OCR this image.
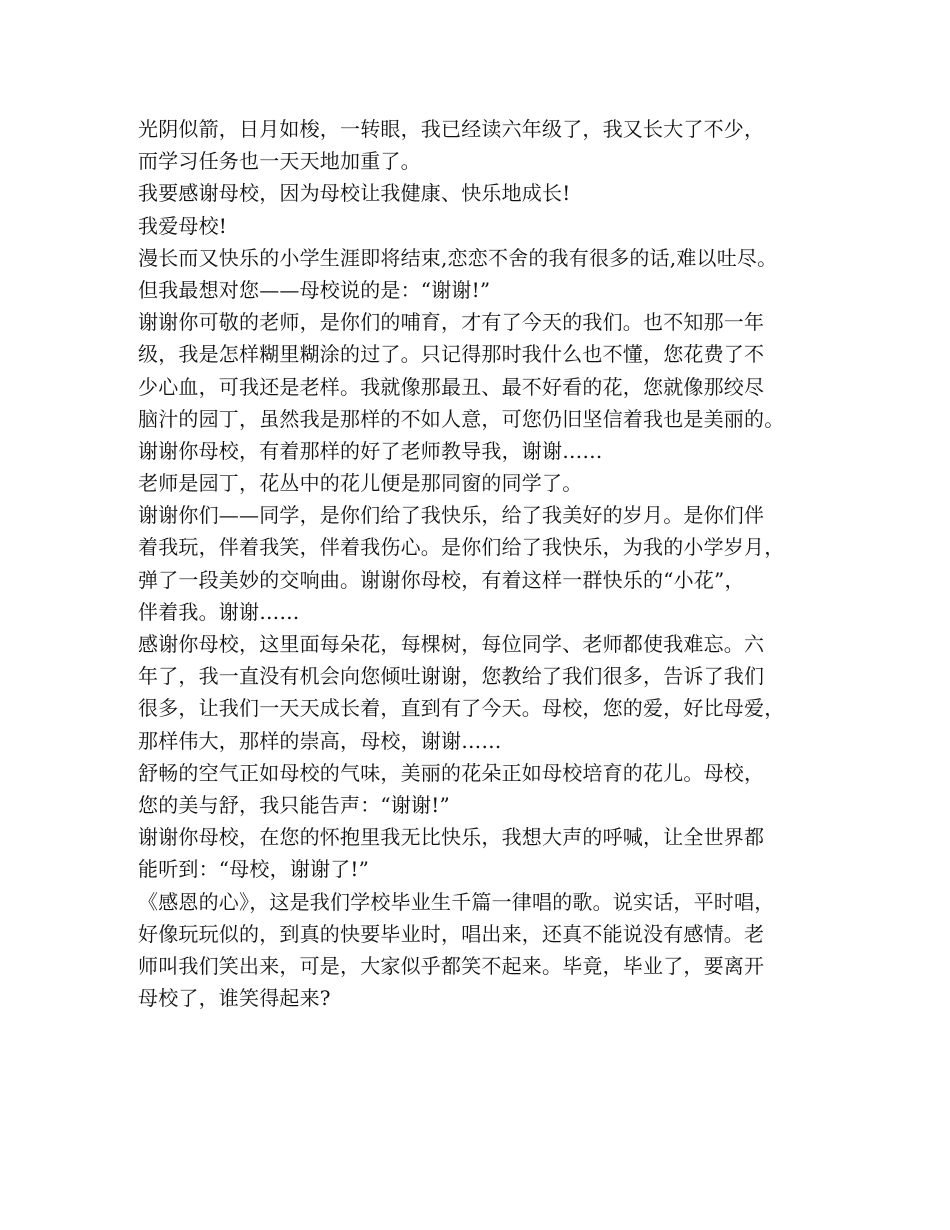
光阴似箭，日月如梭，一转眼，我已经读六年级了，我又长大了不少，
而学习任务也一天天地加重了。
我要感谢母校，因为母校让我健康、快乐地成长!
我爱母校!
漫长而又快乐的小学生涯即将结束,恋恋不舍的我有很多的话,难以吐尽。
但我最想对您——母校说的是：“谢谢!”
谢谢你可敬的老师，是你们的哺育，才有了今天的我们。也不知那一年
级，我是怎样糊里糊涂的过了。只记得那时我什么也不懂，您花费了不
少心血，可我还是老样。我就像那最丑、最不好看的花，您就像那绞尽
脑汁的园丁，虽然我是那样的不如人意，可您仍旧坚信着我也是美丽的。
谢谢你母校，有着那样的好了老师教导我，谢谢……
老师是园丁，花丛中的花儿便是那同窗的同学了。
谢谢你们——同学，是你们给了我快乐，给了我美好的岁月。是你们伴
着我玩，伴着我笑，伴着我伤心。是你们给了我快乐，为我的小学岁月，
弹了一段美妙的交响曲。谢谢你母校，有着这样一群快乐的“小花”，
伴着我。谢谢……
感谢你母校，这里面每朵花，每棵树，每位同学、老师都使我难忘。六
年了，我一直没有机会向您倾吐谢谢，您教给了我们很多，告诉了我们
很多，让我们一天天成长着，直到有了今天。母校，您的爱，好比母爱，
那样伟大，那样的崇高，母校，谢谢……
舒畅的空气正如母校的气味，美丽的花朵正如母校培育的花儿。母校，
您的美与舒，我只能告声：“谢谢!”
谢谢你母校，在您的怀抱里我无比快乐，我想大声的呼喊，让全世界都
能听到：“母校，谢谢了!”
《感恩的心》，这是我们学校毕业生千篇一律唱的歌。说实话，平时唱，
好像玩玩似的，到真的快要毕业时，唱出来，还真不能说没有感情。老
师叫我们笑出来，可是，大家似乎都笑不起来。毕竟，毕业了，要离开
母校了，谁笑得起来?
